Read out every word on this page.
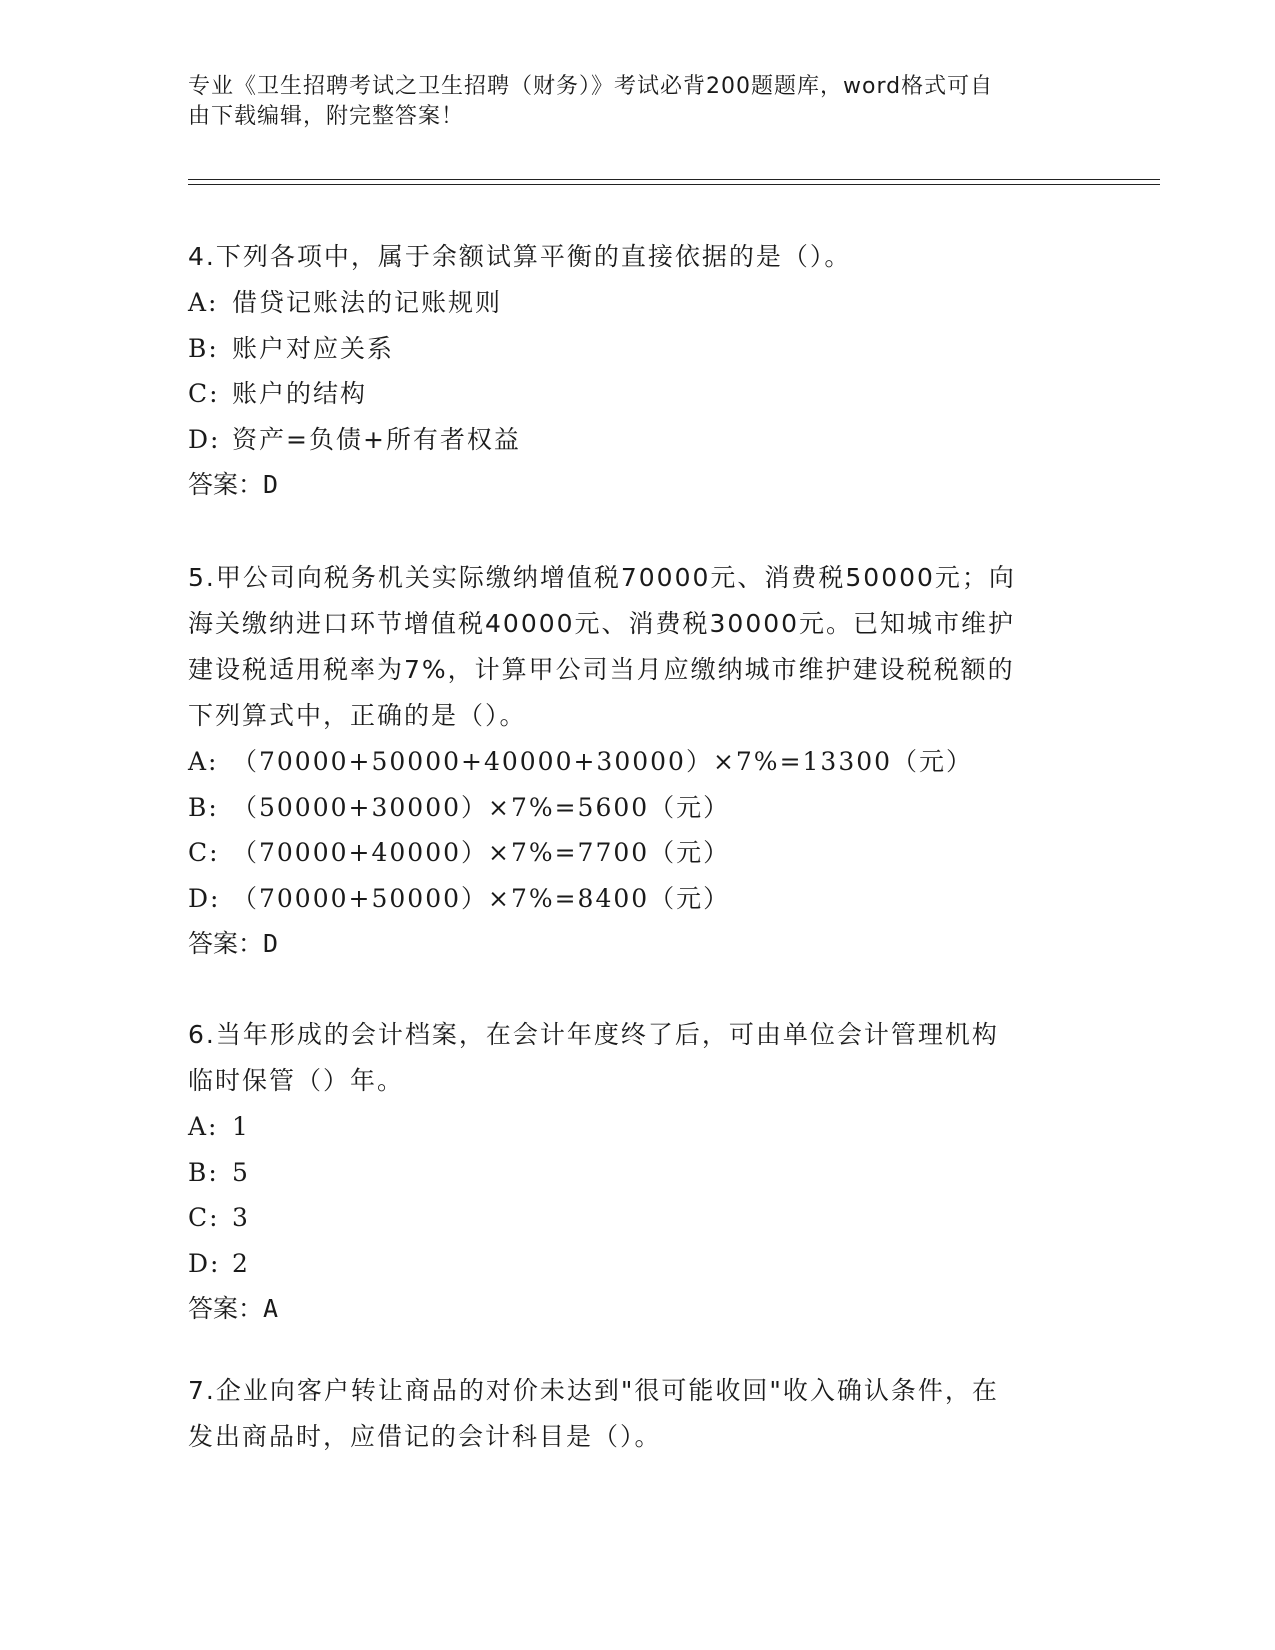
专业《卫生招聘考试之卫生招聘（财务）》考试必背200题题库，word格式可自
由下载编辑，附完整答案！
4.下列各项中，属于余额试算平衡的直接依据的是（）。
A: 借贷记账法的记账规则
B: 账户对应关系
C: 账户的结构
D: 资产=负债+所有者权益
答案：D
5.甲公司向税务机关实际缴纳增值税70000元、消费税50000元；向
海关缴纳进口环节增值税40000元、消费税30000元。已知城市维护
建设税适用税率为7%，计算甲公司当月应缴纳城市维护建设税税额的
下列算式中，正确的是（）。
A: （70000+50000+40000+30000）×7%=13300（元）
B: （50000+30000）×7%=5600（元）
C: （70000+40000）×7%=7700（元）
D: （70000+50000）×7%=8400（元）
答案：D
6.当年形成的会计档案，在会计年度终了后，可由单位会计管理机构
临时保管（）年。
A: 1
B: 5
C: 3
D: 2
答案：A
7.企业向客户转让商品的对价未达到"很可能收回"收入确认条件，在
发出商品时，应借记的会计科目是（）。
